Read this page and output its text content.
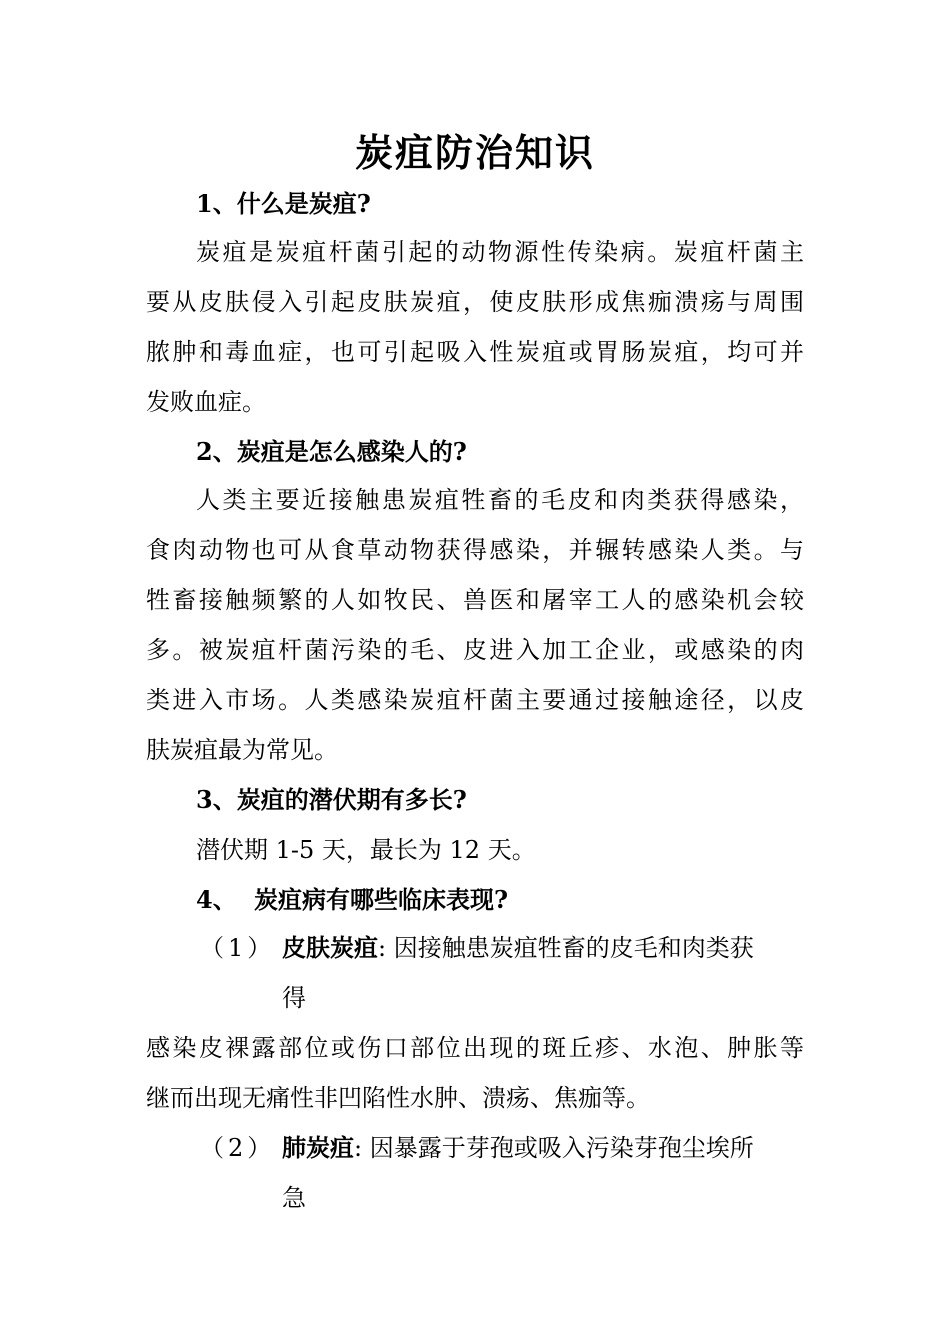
炭疽防治知识
1、什么是炭疽?
炭疽是炭疽杆菌引起的动物源性传染病。炭疽杆菌主
要从皮肤侵入引起皮肤炭疽，使皮肤形成焦痂溃疡与周围
脓肿和毒血症，也可引起吸入性炭疽或胃肠炭疽，均可并
发败血症。
2、炭疽是怎么感染人的?
人类主要近接触患炭疽牲畜的毛皮和肉类获得感染，
食肉动物也可从食草动物获得感染，并辗转感染人类。与
牲畜接触频繁的人如牧民、兽医和屠宰工人的感染机会较
多。被炭疽杆菌污染的毛、皮进入加工企业，或感染的肉
类进入市场。人类感染炭疽杆菌主要通过接触途径，以皮
肤炭疽最为常见。
3、炭疽的潜伏期有多长?
潜伏期 1-5 天，最长为 12 天。
4、 炭疽病有哪些临床表现?
（1） 皮肤炭疽: 因接触患炭疽牲畜的皮毛和肉类获
得
感染皮裸露部位或伤口部位出现的斑丘疹、水泡、肿胀等
继而出现无痛性非凹陷性水肿、溃疡、焦痂等。
（2） 肺炭疽: 因暴露于芽孢或吸入污染芽孢尘埃所
急
